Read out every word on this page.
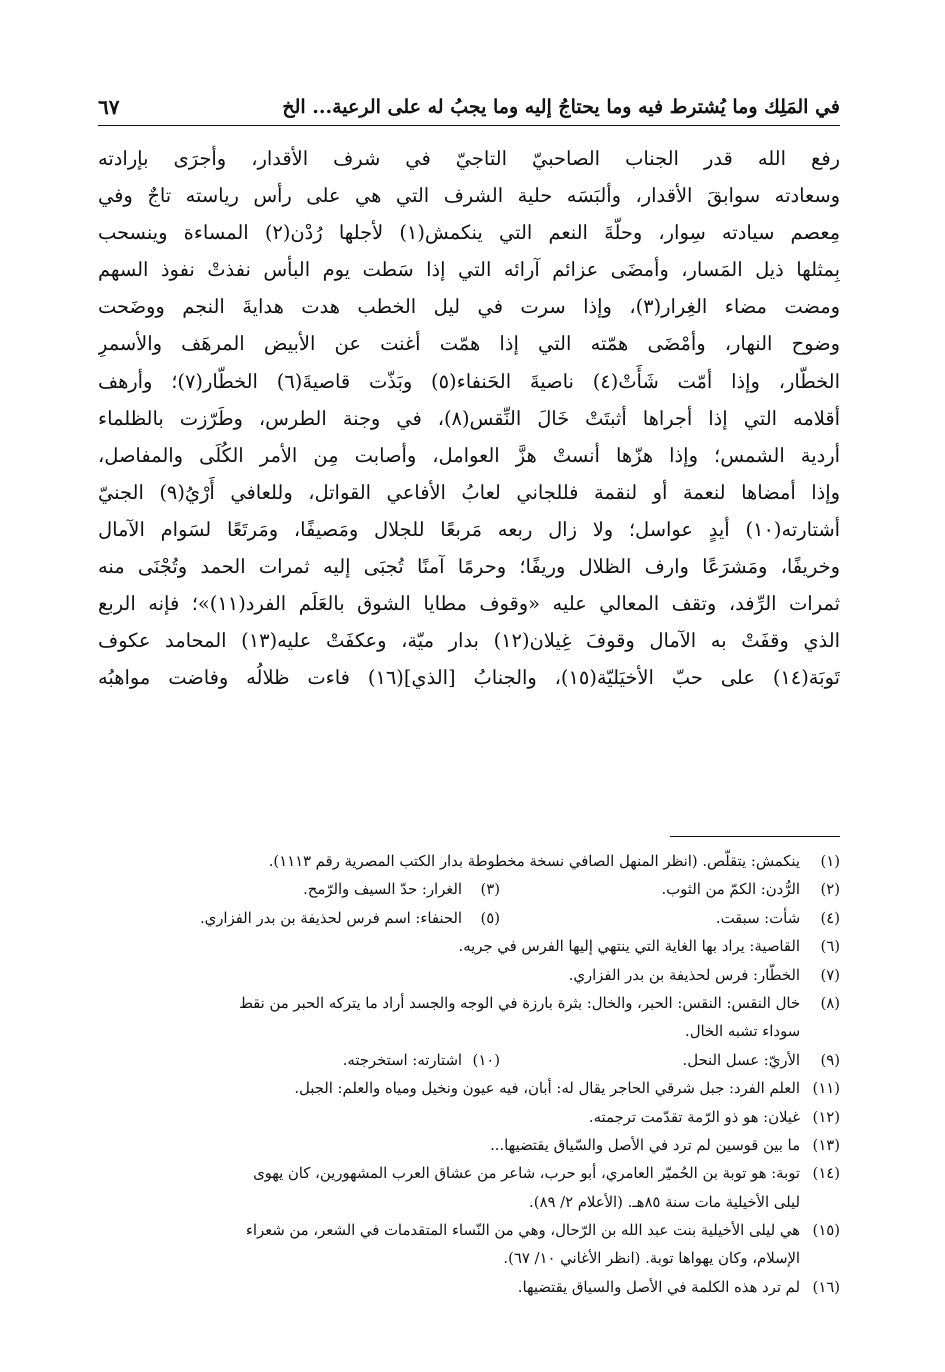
في المَلِك وما يُشترط فيه وما يحتاجُ إليه وما يجبُ له على الرعية... الخ
٦٧
رفع الله قدر الجناب الصاحبيّ التاجيّ في شرف الأقدار، وأجرَى بإرادته
وسعادته سوابقَ الأقدار، وألبَسَه حلية الشرف التي هي على رأس رياسته تاجٌ وفي
مِعصم سيادته سِوار، وحلّةَ النعم التي ينكمش(١) لأجلها رُدْن(٢) المساءة وينسحب
بِمثلها ذيل المَسار، وأمضَى عزائم آرائه التي إذا سَطت يوم البأس نفذتْ نفوذ السهم
ومضت مضاء الغِرار(٣)، وإذا سرت في ليل الخطب هدت هدايةَ النجم ووضَحت
وضوح النهار، وأمْضَى همّته التي إذا همّت أغنت عن الأبيض المرهَف والأسمرِ
الخطّار، وإذا أمّت شَأَتْ(٤) ناصيةَ الحَنفاء(٥) وبَذّت قاصيةَ(٦) الخطّار(٧)؛ وأرهف
أقلامه التي إذا أجراها أثبتَتْ خَالَ النِّقس(٨)، في وجنة الطرس، وطَرّزت بالظلماء
أردية الشمس؛ وإذا هزّها أنستْ هزَّ العوامل، وأصابت مِن الأمر الكُلَى والمفاصل،
وإذا أمضاها لنعمة أو لنقمة فللجاني لعابُ الأفاعي القواتل، وللعافي أَرْيُ(٩) الجنيّ
أشتارته(١٠) أيدٍ عواسل؛ ولا زال ربعه مَربعًا للجلال ومَصيفًا، ومَرتَعًا لسَوام الآمال
وخريفًا، ومَشرَعًا وارف الظلال وريفًا؛ وحرمًا آمنًا تُجبَى إليه ثمرات الحمد وتُجْنَى منه
ثمرات الرِّفد، وتقف المعالي عليه «وقوف مطايا الشوق بالعَلَم الفرد(١١)»؛ فإنه الربع
الذي وقفَتْ به الآمال وقوفَ غِيلان(١٢) بدار ميّة، وعكفَتْ عليه(١٣) المحامد عكوف
تَوبَة(١٤) على حبّ الأخيَليّة(١٥)، والجنابُ [الذي](١٦) فاءت ظلالُه وفاضت مواهبُه
(١)
ينكمش: يتقلّص. (انظر المنهل الصافي نسخة مخطوطة بدار الكتب المصرية رقم ١١١٣).
(٢)
الرُّدن: الكمّ من الثوب.
(٣)
الغرار: حدّ السيف والرّمح.
(٤)
شأت: سبقت.
(٥)
الحنفاء: اسم فرس لحذيفة بن بدر الفزاري.
(٦)
القاصية: يراد بها الغاية التي ينتهي إليها الفرس في جريه.
(٧)
الخطّار: فرس لحذيفة بن بدر الفزاري.
(٨)
خال النقس: النقس: الحبر، والخال: بثرة بارزة في الوجه والجسد أراد ما يتركه الحبر من نقط
سوداء تشبه الخال.
(٩)
الأريّ: عسل النحل.
(١٠)
اشتارته: استخرجته.
(١١)
العلم الفرد: جبل شرقي الحاجر يقال له: أبان، فيه عيون ونخيل ومياه والعلم: الجبل.
(١٢)
غيلان: هو ذو الرّمة تقدّمت ترجمته.
(١٣)
ما بين قوسين لم ترد في الأصل والسّياق يقتضيها...
(١٤)
توبة: هو توبة بن الحُميّر العامري، أبو حرب، شاعر من عشاق العرب المشهورين، كان يهوى
ليلى الأخيلية مات سنة ٨٥هـ. (الأعلام ٢/ ٨٩).
(١٥)
هي ليلى الأخيلية بنت عبد الله بن الرّحال، وهي من النّساء المتقدمات في الشعر، من شعراء
الإسلام، وكان يهواها توبة. (انظر الأغاني ١٠/ ٦٧).
(١٦)
لم ترد هذه الكلمة في الأصل والسياق يقتضيها.
